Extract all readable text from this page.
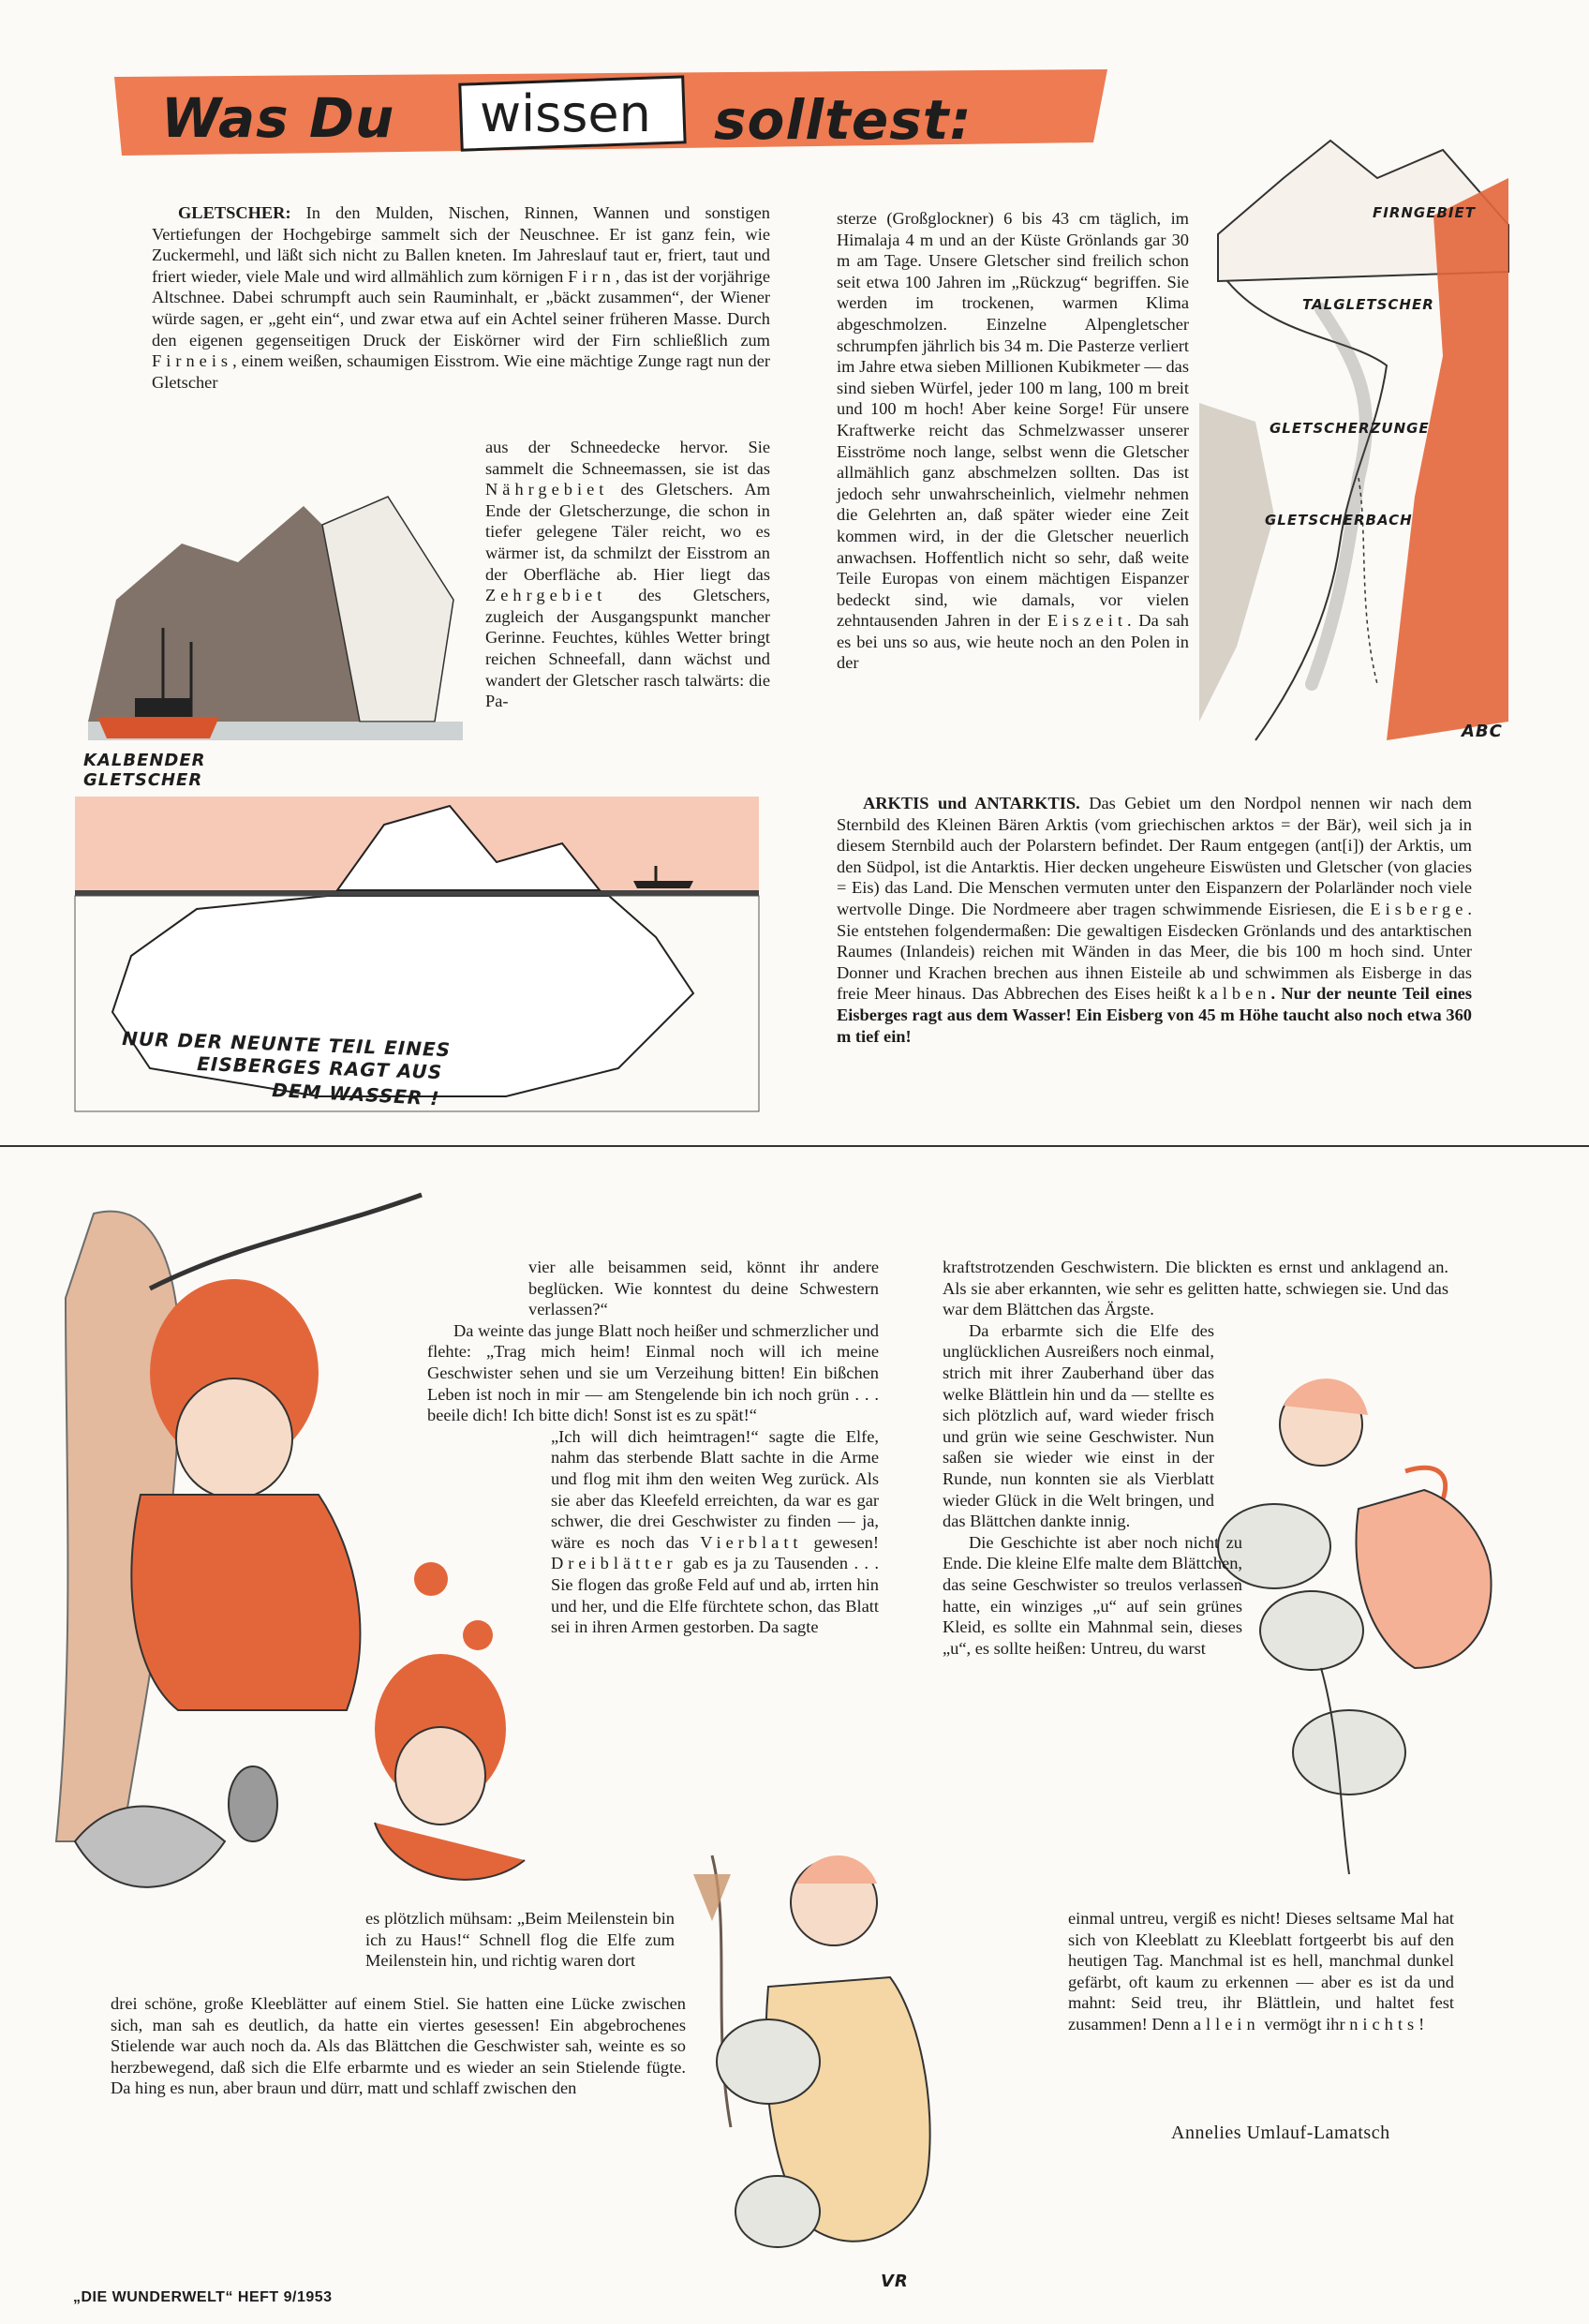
Was Du wissen sollt​est:

GLETSCHER: In den Mulden, Nischen, Rinnen, Wannen und sonstigen Vertiefungen der Hochgebirge sammelt sich der Neuschnee. Er ist ganz fein, wie Zuckermehl, und läßt sich nicht zu Ballen kneten. Im Jahreslauf taut er, friert, taut und friert wieder, viele Male und wird allmählich zum körnigen Firn, das ist der vorjährige Altschnee. Dabei schrumpft auch sein Rauminhalt, er „bäckt zusammen“, der Wiener würde sagen, er „geht ein“, und zwar etwa auf ein Achtel seiner früheren Masse. Durch den eigenen gegenseitigen Druck der Eiskörner wird der Firn schließlich zum Firneis, einem weißen, schaumigen Eisstrom. Wie eine mächtige Zunge ragt nun der Gletscher

aus der Schneedecke hervor. Sie sammelt die Schneemassen, sie ist das Nährgebiet des Gletschers. Am Ende der Gletscherzunge, die schon in tiefer gelegene Täler reicht, wo es wärmer ist, da schmilzt der Eisstrom an der Oberfläche ab. Hier liegt das Zehrgebiet des Gletschers, zugleich der Ausgangspunkt mancher Gerinne. Feuchtes, kühles Wetter bringt reichen Schneefall, dann wächst und wandert der Gletscher rasch talwärts: die Pa-

sterze (Großglockner) 6 bis 43 cm täglich, im Himalaja 4 m und an der Küste Grönlands gar 30 m am Tage. Unsere Gletscher sind freilich schon seit etwa 100 Jahren im „Rückzug“ begriffen. Sie werden im trockenen, warmen Klima abgeschmolzen. Einzelne Alpengletscher schrumpfen jährlich bis 34 m. Die Pasterze verliert im Jahre etwa sieben Millionen Kubikmeter — das sind sieben Würfel, jeder 100 m lang, 100 m breit und 100 m hoch! Aber keine Sorge! Für unsere Kraftwerke reicht das Schmelzwasser unserer Eisströme noch lange, selbst wenn die Gletscher allmählich ganz abschmelzen sollten. Das ist jedoch sehr unwahrscheinlich, vielmehr nehmen die Gelehrten an, daß später wieder eine Zeit kommen wird, in der die Gletscher neuerlich anwachsen. Hoffentlich nicht so sehr, daß weite Teile Europas von einem mächtigen Eispanzer bedeckt sind, wie damals, vor vielen zehntausenden Jahren in der Eiszeit. Da sah es bei uns so aus, wie heute noch an den Polen in der

ARKTIS und ANTARKTIS. Das Gebiet um den Nordpol nennen wir nach dem Sternbild des Kleinen Bären Arktis (vom griechischen arktos = der Bär), weil sich ja in diesem Sternbild auch der Polarstern befindet. Der Raum entgegen (ant[i]) der Arktis, um den Südpol, ist die Antarktis. Hier decken ungeheure Eiswüsten und Gletscher (von glacies = Eis) das Land. Die Menschen vermuten unter den Eispanzern der Polarländer noch viele wertvolle Dinge. Die Nordmeere aber tragen schwimmende Eisriesen, die Eisberge. Sie entstehen folgendermaßen: Die gewaltigen Eisdecken Grönlands und des antarktischen Raumes (Inlandeis) reichen mit Wänden in das Meer, die bis 100 m hoch sind. Unter Donner und Krachen brechen aus ihnen Eisteile ab und schwimmen als Eisberge in das freie Meer hinaus. Das Abbrechen des Eises heißt kalben. Nur der neunte Teil eines Eisberges ragt aus dem Wasser! Ein Eisberg von 45 m Höhe taucht also noch etwa 360 m tief ein!

FIRNGEBIET
TALGLETSCHER
GLETSCHERZUNGE
GLETSCHERBACH
ABC
KALBENDER
GLETSCHER
NUR DER NEUNTE TEIL EINES
EISBERGES RAGT AUS
DEM WASSER !
VR

vier alle beisammen seid, könnt ihr andere beglücken. Wie konntest du deine Schwestern verlassen?“

Da weinte das junge Blatt noch heißer und schmerzlicher und flehte: „Trag mich heim! Einmal noch will ich meine Geschwister sehen und sie um Verzeihung bitten! Ein bißchen Leben ist noch in mir — am Stengelende bin ich noch grün . . . beeile dich! Ich bitte dich! Sonst ist es zu spät!“

„Ich will dich heimtragen!“ sagte die Elfe, nahm das sterbende Blatt sachte in die Arme und flog mit ihm den weiten Weg zurück. Als sie aber das Kleefeld erreichten, da war es gar schwer, die drei Geschwister zu finden — ja, wäre es noch das Vierblatt gewesen! Dreiblätter gab es ja zu Tausenden . . . Sie flogen das große Feld auf und ab, irrten hin und her, und die Elfe fürchtete schon, das Blatt sei in ihren Armen gestorben. Da sagte

es plötzlich mühsam: „Beim Meilenstein bin ich zu Haus!“ Schnell flog die Elfe zum Meilenstein hin, und richtig waren dort

drei schöne, große Kleeblätter auf einem Stiel. Sie hatten eine Lücke zwischen sich, man sah es deutlich, da hatte ein viertes gesessen! Ein abgebrochenes Stielende war auch noch da. Als das Blättchen die Geschwister sah, weinte es so herzbewegend, daß sich die Elfe erbarmte und es wieder an sein Stielende fügte. Da hing es nun, aber braun und dürr, matt und schlaff zwischen den

kraftstrotzenden Geschwistern. Die blickten es ernst und anklagend an. Als sie aber erkannten, wie sehr es gelitten hatte, schwiegen sie. Und das war dem Blättchen das Ärgste.

Da erbarmte sich die Elfe des unglücklichen Ausreißers noch einmal, strich mit ihrer Zauberhand über das welke Blättlein hin und da — stellte es sich plötzlich auf, ward wieder frisch und grün wie seine Geschwister. Nun saßen sie wieder wie einst in der Runde, nun konnten sie als Vierblatt wieder Glück in die Welt bringen, und das Blättchen dankte innig.

Die Geschichte ist aber noch nicht zu Ende. Die kleine Elfe malte dem Blättchen, das seine Geschwister so treulos verlassen hatte, ein winziges „u“ auf sein grünes Kleid, es sollte ein Mahnmal sein, dieses „u“, es sollte heißen: Untreu, du warst

einmal untreu, vergiß es nicht! Dieses seltsame Mal hat sich von Kleeblatt zu Kleeblatt fortgeerbt bis auf den heutigen Tag. Manchmal ist es hell, manchmal dunkel gefärbt, oft kaum zu erkennen — aber es ist da und mahnt: Seid treu, ihr Blättlein, und haltet fest zusammen! Denn allein vermögt ihr nichts!

Annelies Umlauf-Lamatsch
„DIE WUNDERWELT“ HEFT 9/1953
